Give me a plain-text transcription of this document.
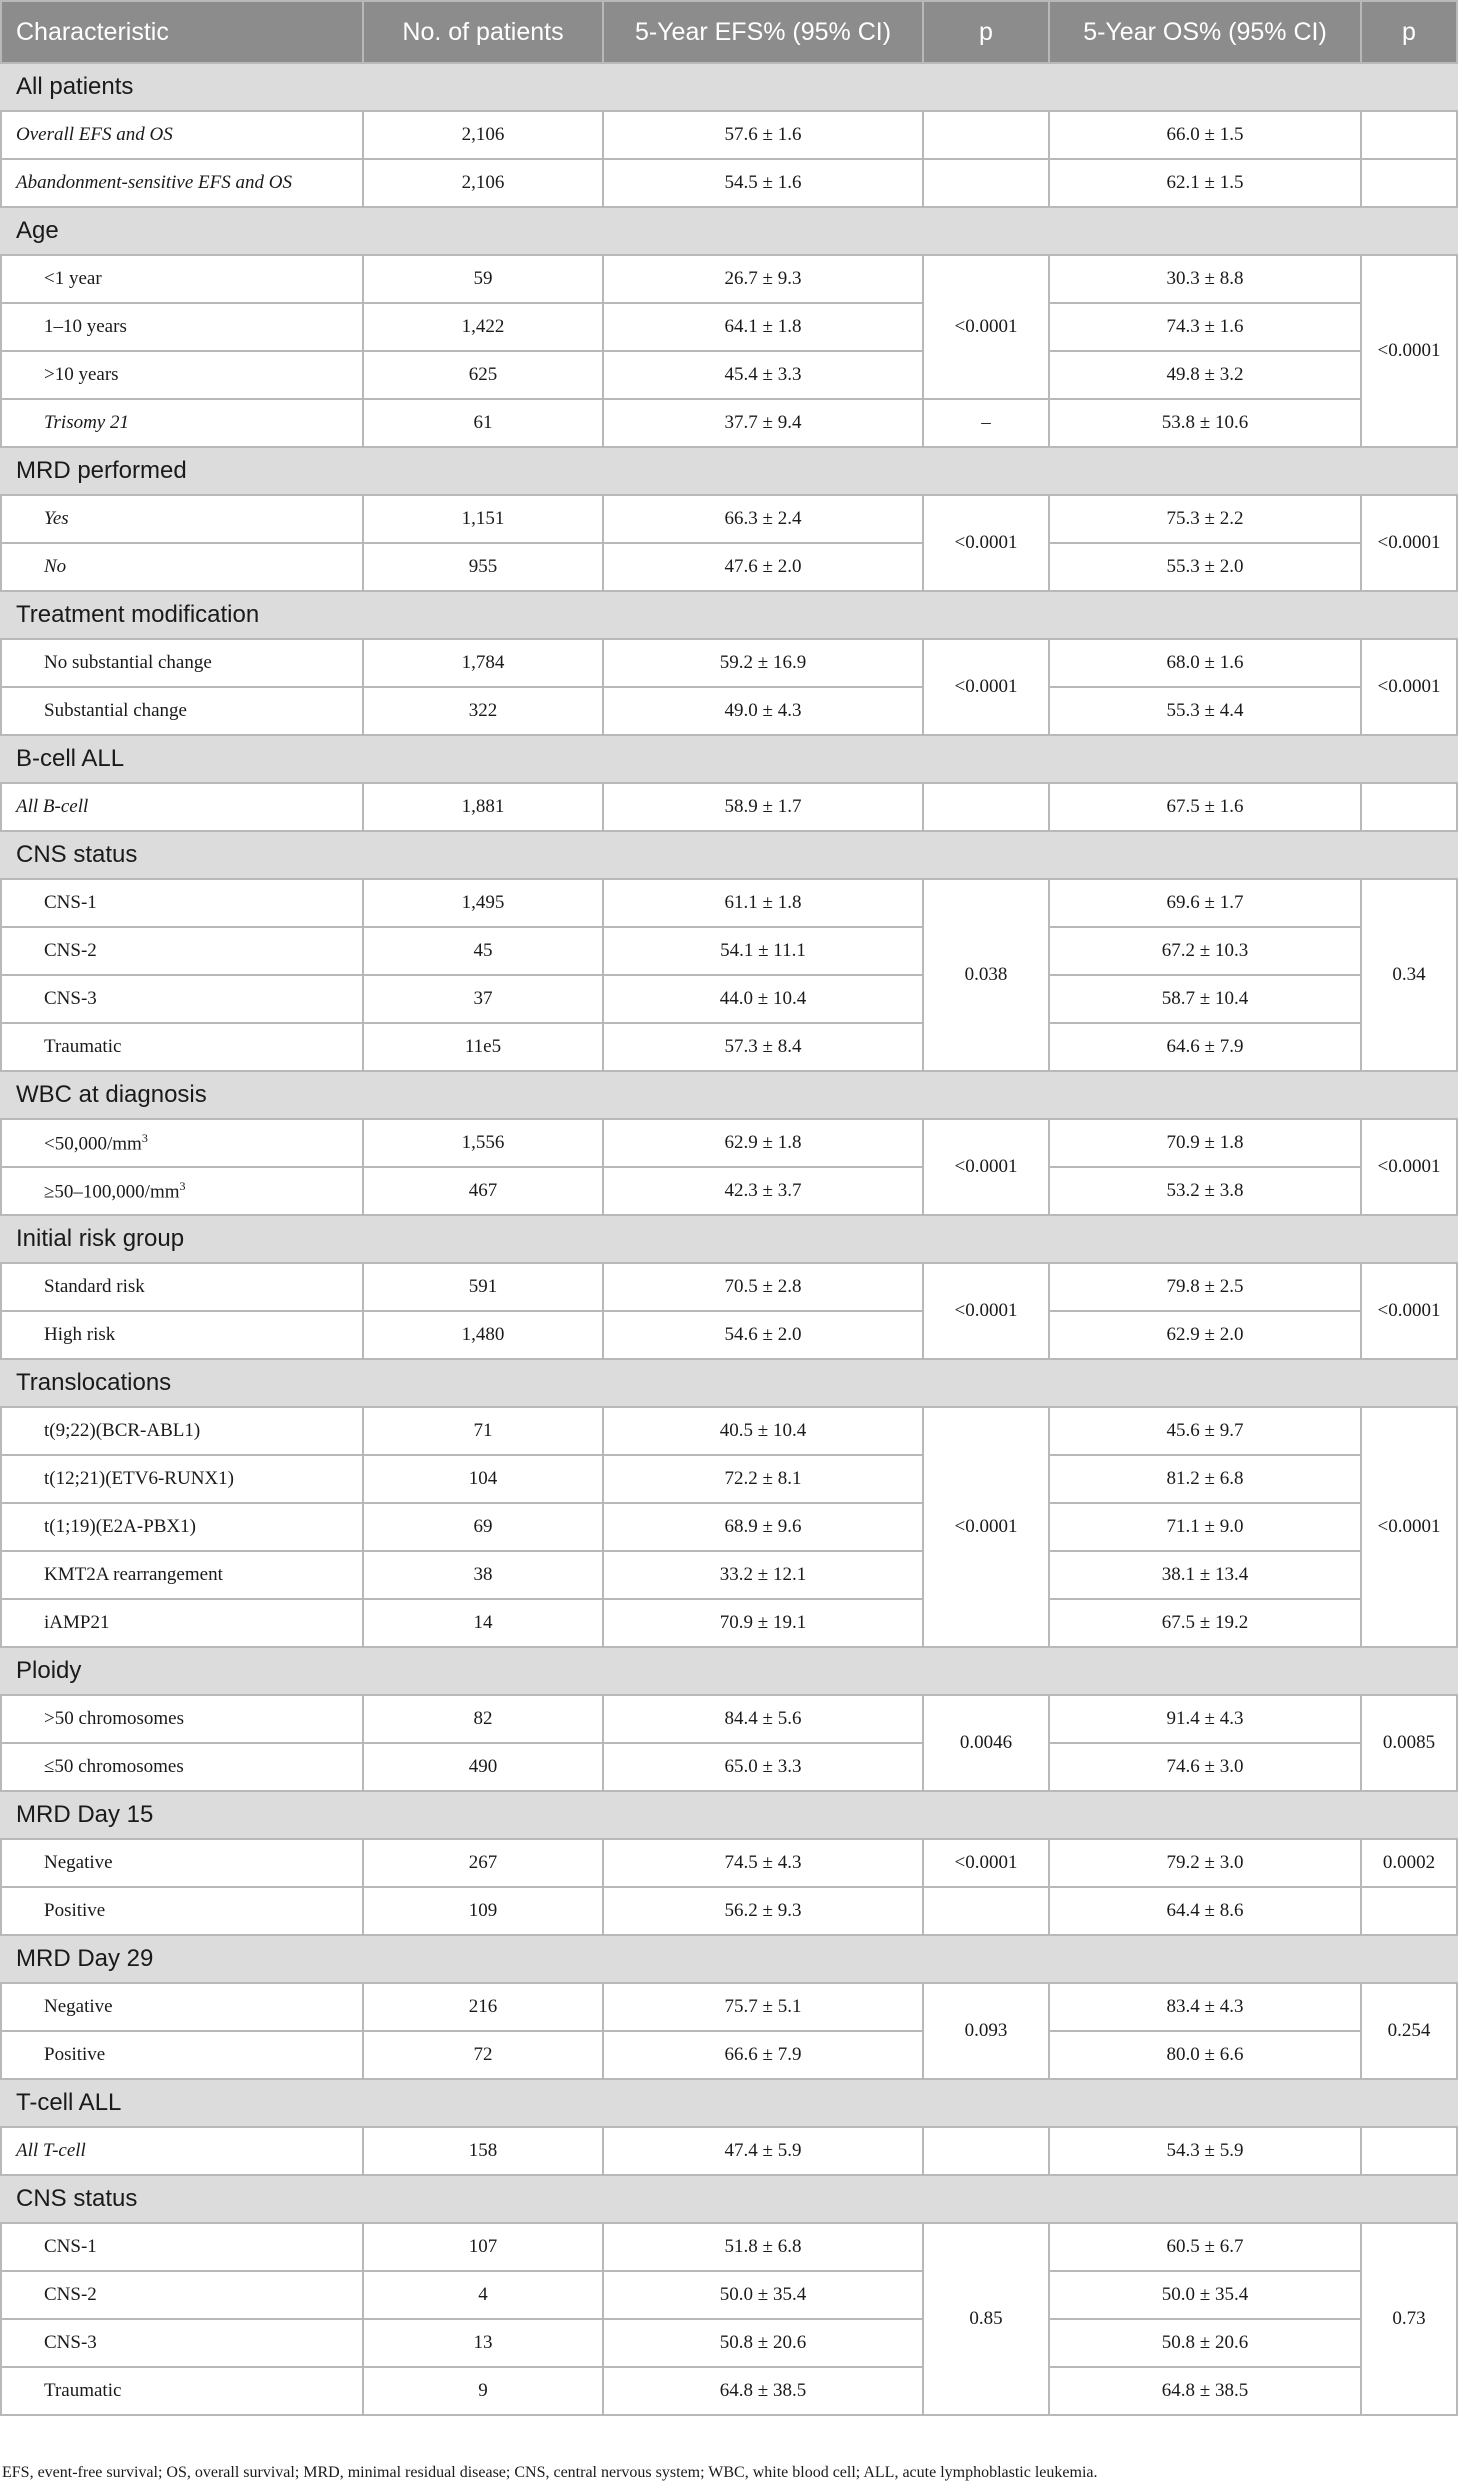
Characteristic	No. of patients	5-Year EFS% (95% CI)	p	5-Year OS% (95% CI)	p
All patients					
Overall EFS and OS	2,106	57.6 ± 1.6		66.0 ± 1.5	
Abandonment-sensitive EFS and OS	2,106	54.5 ± 1.6		62.1 ± 1.5	
Age					
<1 year	59	26.7 ± 9.3	<0.0001	30.3 ± 8.8	<0.0001
1–10 years	1,422	64.1 ± 1.8		74.3 ± 1.6	
>10 years	625	45.4 ± 3.3		49.8 ± 3.2	
Trisomy 21	61	37.7 ± 9.4	–	53.8 ± 10.6	
MRD performed					
Yes	1,151	66.3 ± 2.4	<0.0001	75.3 ± 2.2	<0.0001
No	955	47.6 ± 2.0		55.3 ± 2.0	
Treatment modification					
No substantial change	1,784	59.2 ± 16.9	<0.0001	68.0 ± 1.6	<0.0001
Substantial change	322	49.0 ± 4.3		55.3 ± 4.4	
B-cell ALL					
All B-cell	1,881	58.9 ± 1.7		67.5 ± 1.6	
CNS status					
CNS-1	1,495	61.1 ± 1.8	0.038	69.6 ± 1.7	0.34
CNS-2	45	54.1 ± 11.1		67.2 ± 10.3	
CNS-3	37	44.0 ± 10.4		58.7 ± 10.4	
Traumatic	11e5	57.3 ± 8.4		64.6 ± 7.9	
WBC at diagnosis					
$<50,000/mm^3$	1,556	62.9 ± 1.8	<0.0001	70.9 ± 1.8	<0.0001
$\ge 50-100,000/mm^3$	467	42.3 ± 3.7		53.2 ± 3.8	
Initial risk group					
Standard risk	591	70.5 ± 2.8	<0.0001	79.8 ± 2.5	<0.0001
High risk	1,480	54.6 ± 2.0		62.9 ± 2.0	
Translocations					
t(9;22)(BCR-ABL1)	71	40.5 ± 10.4	<0.0001	45.6 ± 9.7	<0.0001
t(12;21)(ETV6-RUNX1)	104	72.2 ± 8.1		81.2 ± 6.8	
t(1;19)(E2A-PBX1)	69	68.9 ± 9.6		71.1 ± 9.0	
KMT2A rearrangement	38	33.2 ± 12.1		38.1 ± 13.4	
iAMP21	14	70.9 ± 19.1		67.5 ± 19.2	
Ploidy					
>50 chromosomes	82	84.4 ± 5.6	0.0046	91.4 ± 4.3	0.0085
≤50 chromosomes	490	65.0 ± 3.3		74.6 ± 3.0	
MRD Day 15					
Negative	267	74.5 ± 4.3	<0.0001	79.2 ± 3.0	0.0002
Positive	109	56.2 ± 9.3		64.4 ± 8.6	
MRD Day 29					
Negative	216	75.7 ± 5.1	0.093	83.4 ± 4.3	0.254
Positive	72	66.6 ± 7.9		80.0 ± 6.6	
T-cell ALL					
All T-cell	158	47.4 ± 5.9		54.3 ± 5.9	
CNS status					
CNS-1	107	51.8 ± 6.8	0.85	60.5 ± 6.7	0.73
CNS-2	4	50.0 ± 35.4		50.0 ± 35.4	
CNS-3	13	50.8 ± 20.6		50.8 ± 20.6	
Traumatic	9	64.8 ± 38.5		64.8 ± 38.5	
EFS, event-free survival; OS, overall survival; MRD, minimal residual disease; CNS, central nervous system; WBC, white blood cell; ALL, acute lymphoblastic leukemia.
